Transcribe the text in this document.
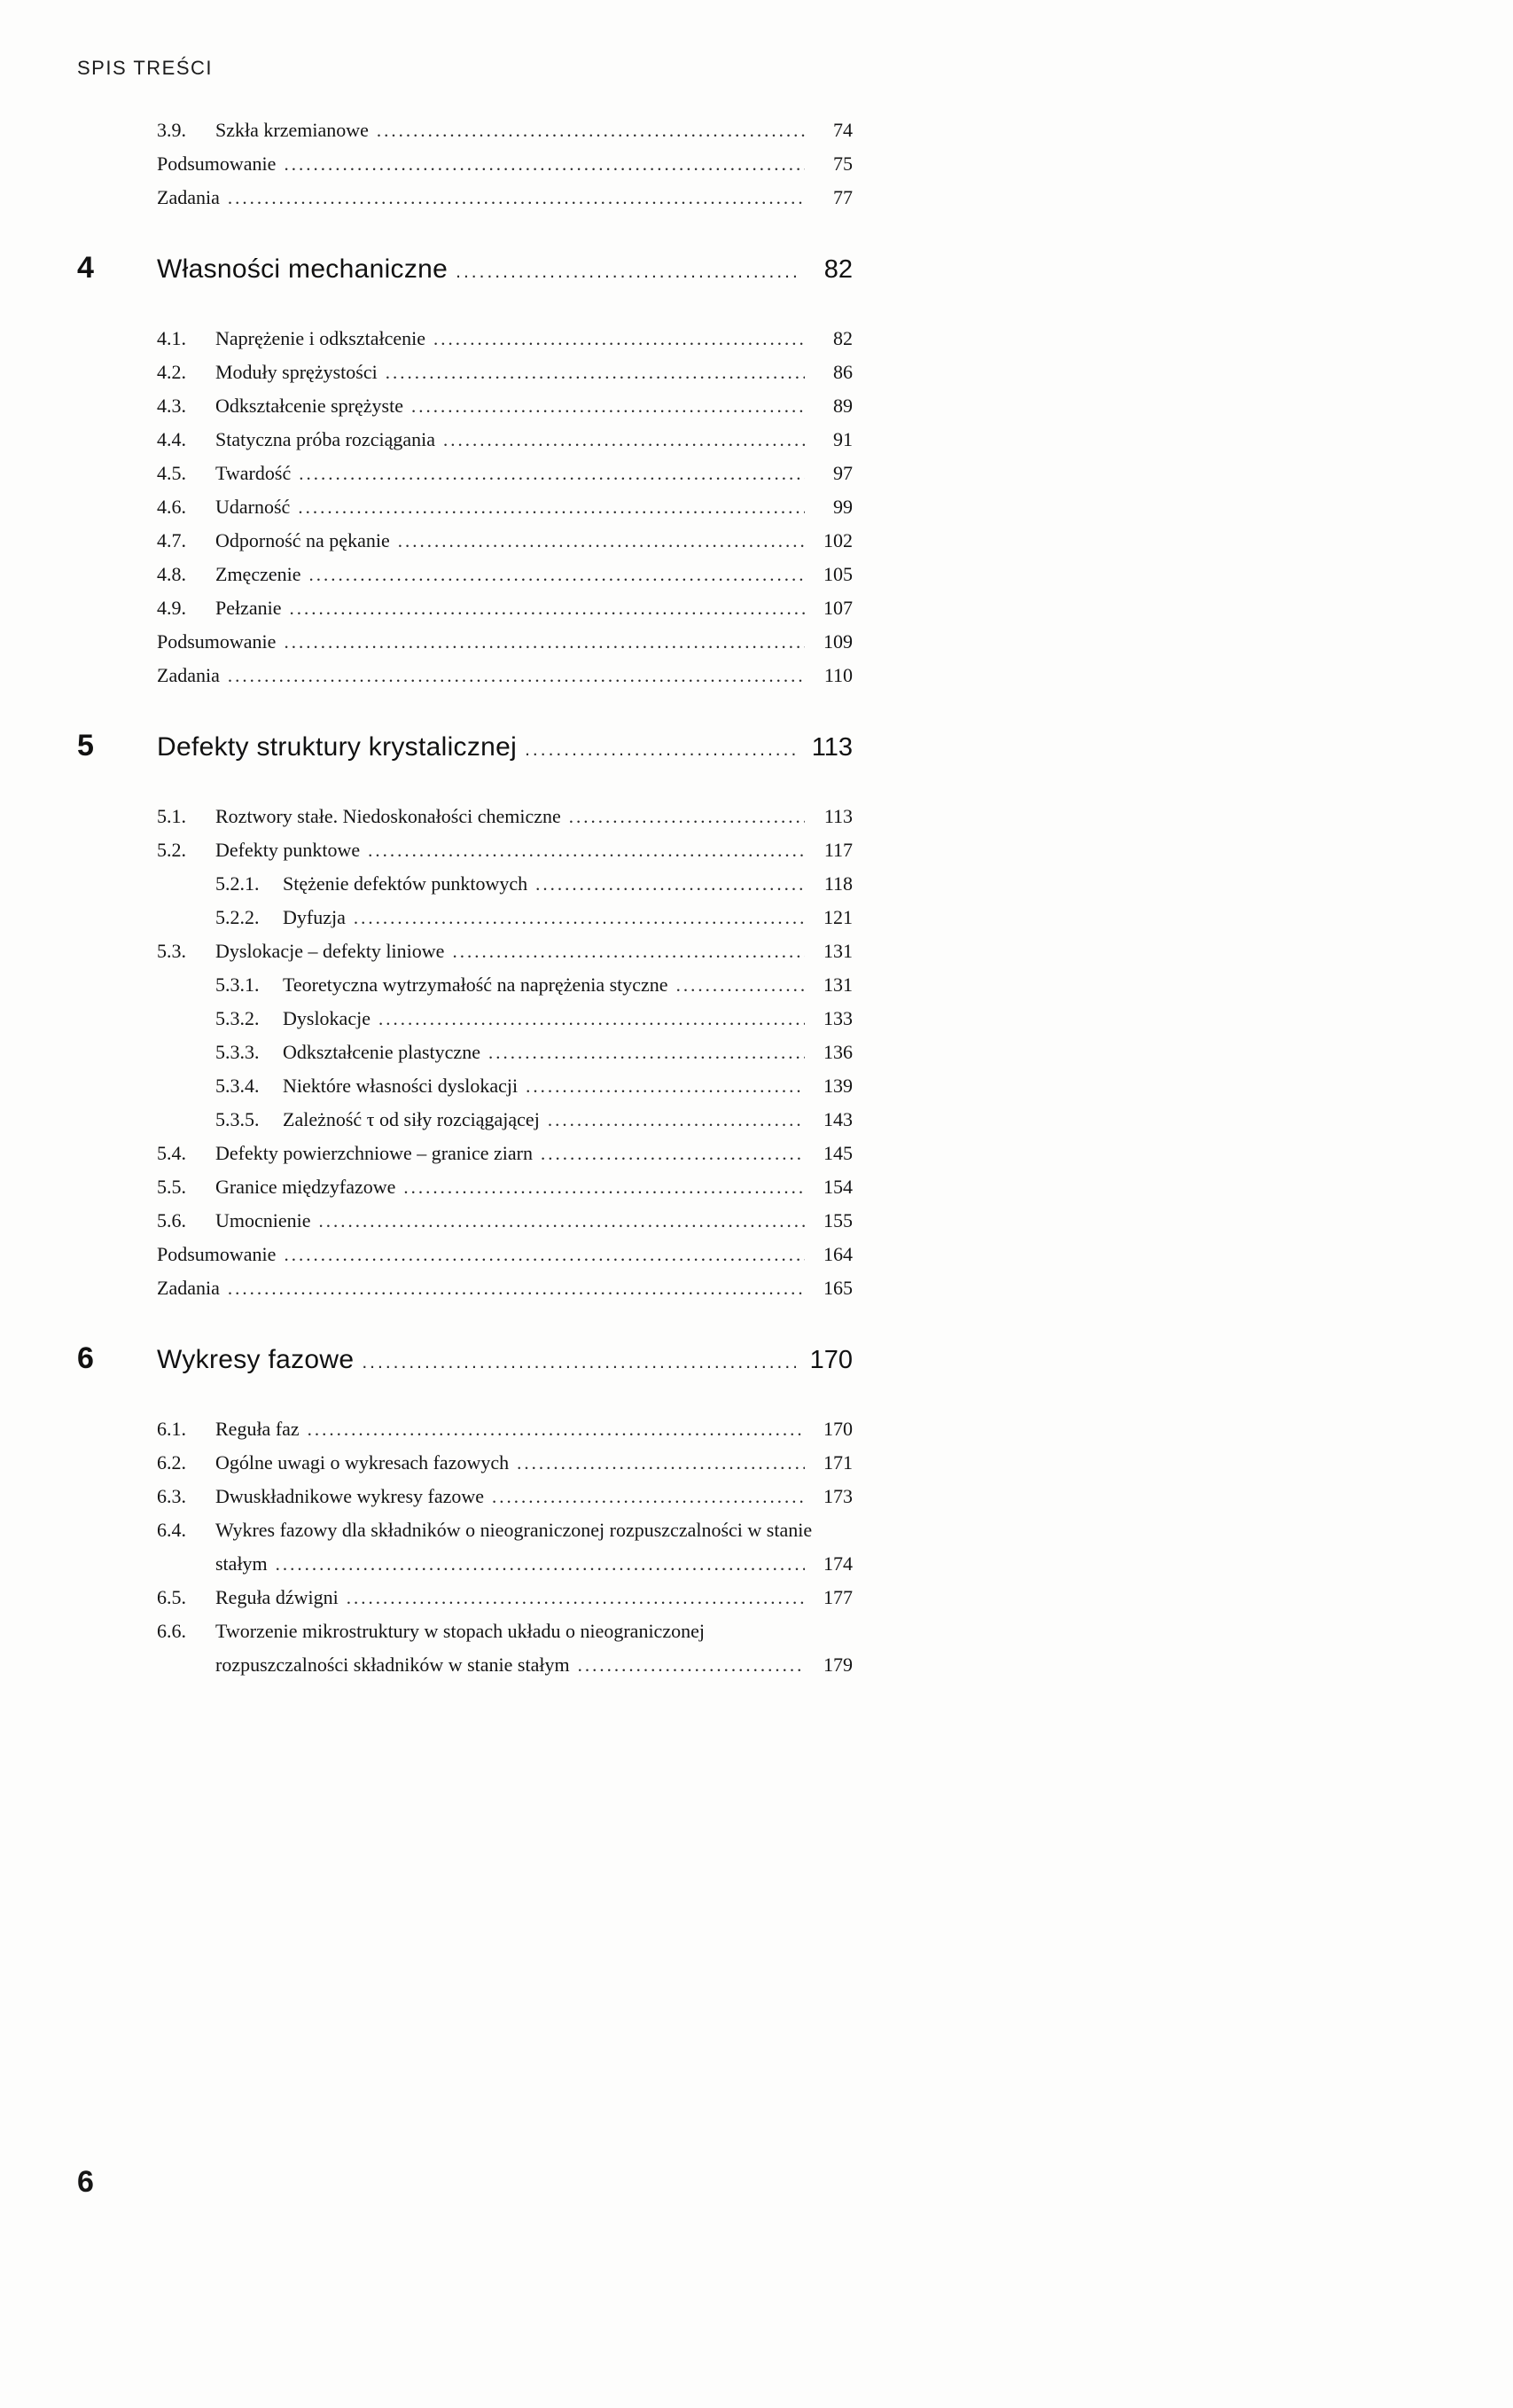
SPIS TREŚCI
3.9.	Szkła krzemianowe .....	74
Podsumowanie .....	75
Zadania .....	77
4	Własności mechaniczne .....	82
4.1.	Naprężenie i odkształcenie .....	82
4.2.	Moduły sprężystości .....	86
4.3.	Odkształcenie sprężyste .....	89
4.4.	Statyczna próba rozciągania .....	91
4.5.	Twardość .....	97
4.6.	Udarność .....	99
4.7.	Odporność na pękanie .....	102
4.8.	Zmęczenie .....	105
4.9.	Pełzanie .....	107
Podsumowanie .....	109
Zadania .....	110
5	Defekty struktury krystalicznej .....	113
5.1.	Roztwory stałe. Niedoskonałości chemiczne .....	113
5.2.	Defekty punktowe .....	117
5.2.1.	Stężenie defektów punktowych .....	118
5.2.2.	Dyfuzja .....	121
5.3.	Dyslokacje – defekty liniowe .....	131
5.3.1.	Teoretyczna wytrzymałość na naprężenia styczne .....	131
5.3.2.	Dyslokacje .....	133
5.3.3.	Odkształcenie plastyczne .....	136
5.3.4.	Niektóre własności dyslokacji .....	139
5.3.5.	Zależność τ od siły rozciągającej .....	143
5.4.	Defekty powierzchniowe – granice ziarn .....	145
5.5.	Granice międzyfazowe .....	154
5.6.	Umocnienie .....	155
Podsumowanie .....	164
Zadania .....	165
6	Wykresy fazowe .....	170
6.1.	Reguła faz .....	170
6.2.	Ogólne uwagi o wykresach fazowych .....	171
6.3.	Dwuskładnikowe wykresy fazowe .....	173
6.4.	Wykres fazowy dla składników o nieograniczonej rozpuszczalności w stanie
stałym .....	174
6.5.	Reguła dźwigni .....	177
6.6.	Tworzenie mikrostruktury w stopach układu o nieograniczonej
rozpuszczalności składników w stanie stałym .....	179
6
